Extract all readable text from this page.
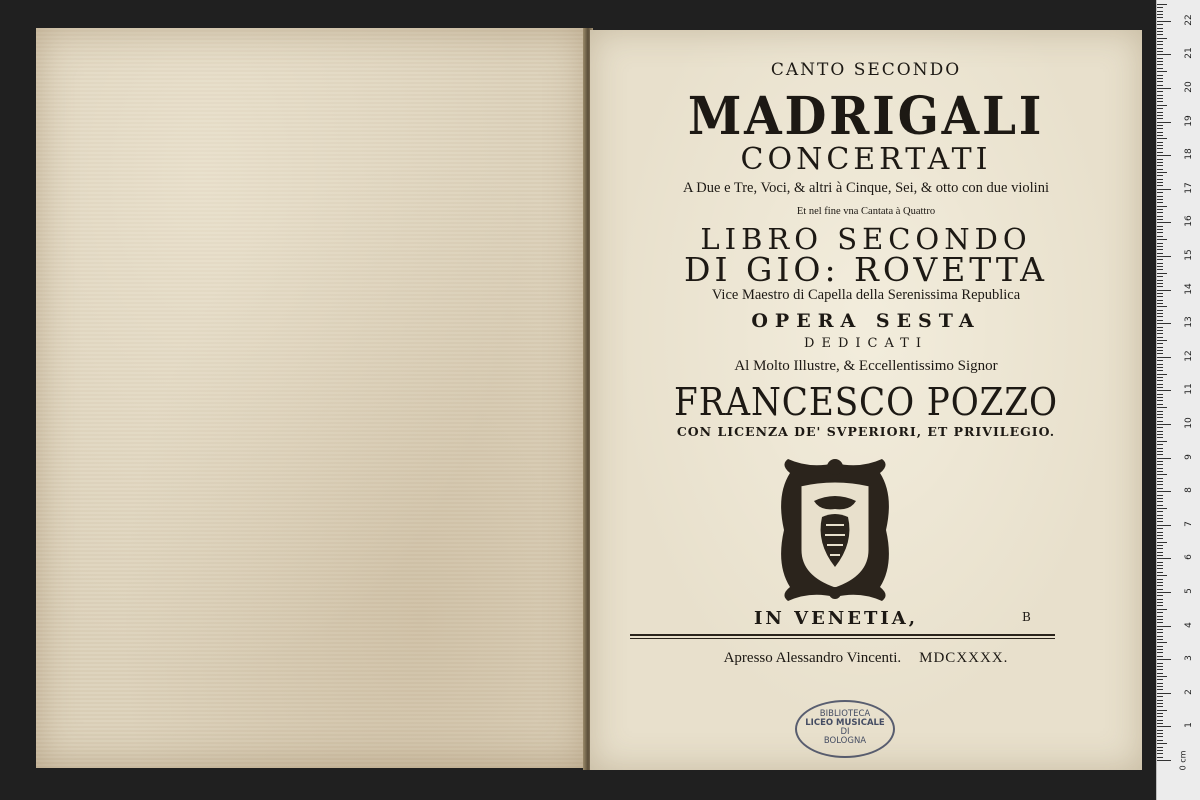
CANTO SECONDO
MADRIGALI
CONCERTATI
A Due e Tre, Voci, & altri à Cinque, Sei, & otto con due violini
Et nel fine vna Cantata à Quattro
LIBRO SECONDO
DI GIO: ROVETTA
Vice Maestro di Capella della Serenissima Republica
OPERA SESTA
DEDICATI
Al Molto Illustre, & Eccellentissimo Signor
FRANCESCO POZZO
CON LICENZA DE' SVPERIORI, ET PRIVILEGIO.
IN VENETIA,	B
Apresso Alessandro Vincenti. MDCXXXX.
BIBLIOTECA
LICEO MUSICALE
DI
BOLOGNA
0 cm
1
2
3
4
5
6
7
8
9
10
11
12
13
14
15
16
17
18
19
20
21
22
